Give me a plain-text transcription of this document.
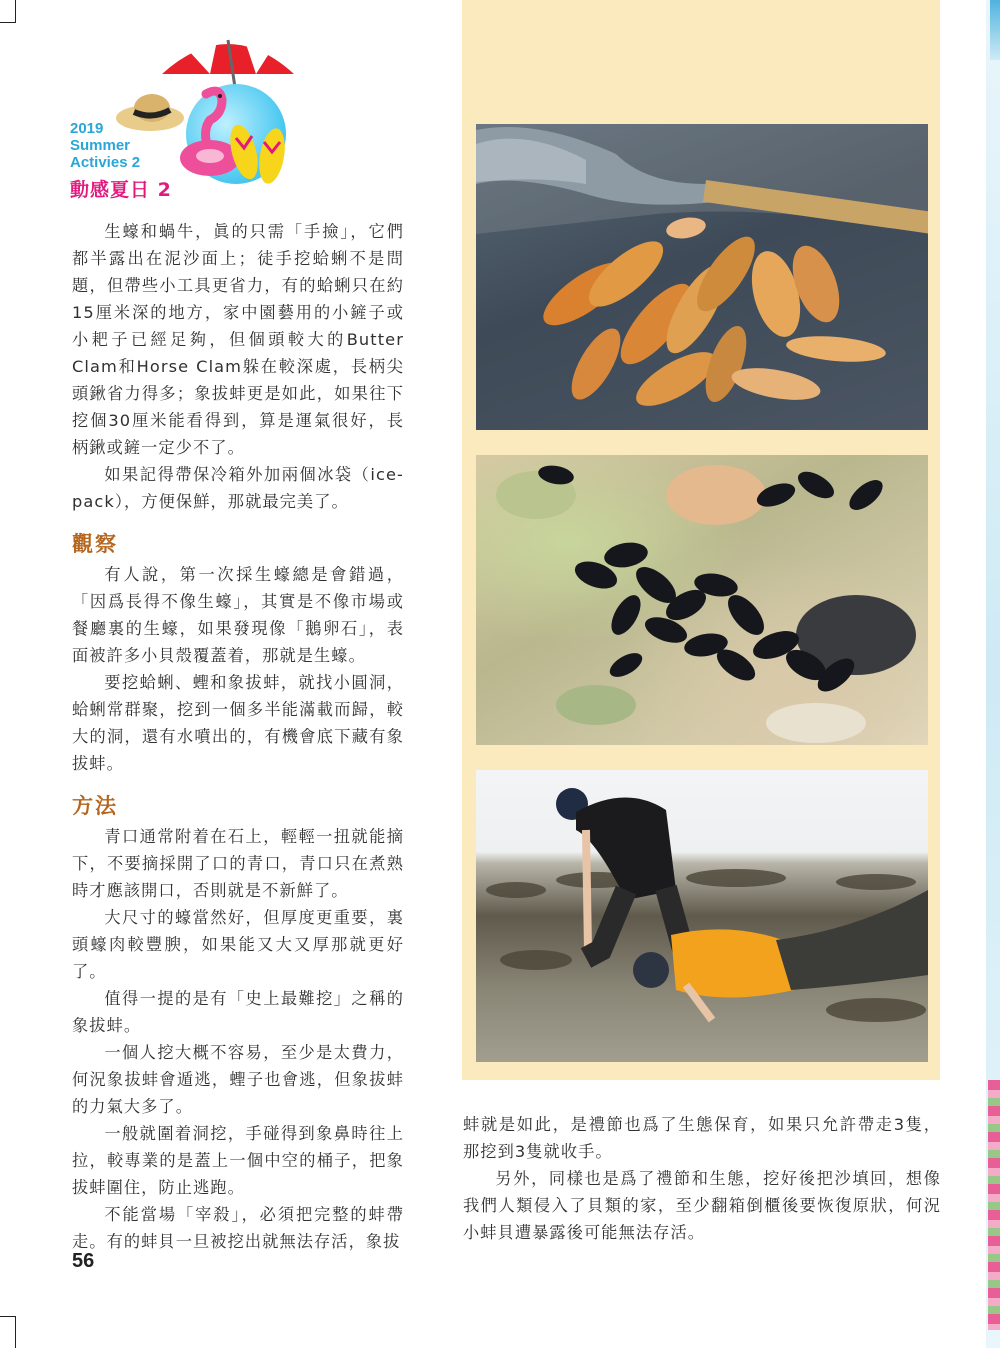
2019
Summer
Activies 2
動感夏日 2

生蠔和蝸牛，眞的只需「手撿」，它們都半露出在泥沙面上；徒手挖蛤蜊不是問題，但帶些小工具更省力，有的蛤蜊只在約15厘米深的地方，家中園藝用的小鏟子或小耙子已經足夠，但個頭較大的Butter Clam和Horse Clam躲在較深處，長柄尖頭鍬省力得多；象拔蚌更是如此，如果往下挖個30厘米能看得到，算是運氣很好，長柄鍬或鏟一定少不了。

如果記得帶保冷箱外加兩個冰袋（ice-pack），方便保鮮，那就最完美了。

觀察

有人說，第一次採生蠔總是會錯過，「因爲長得不像生蠔」，其實是不像市場或餐廳裏的生蠔，如果發現像「鵝卵石」，表面被許多小貝殼覆蓋着，那就是生蠔。

要挖蛤蜊、蟶和象拔蚌，就找小圓洞，蛤蜊常群聚，挖到一個多半能滿載而歸，較大的洞，還有水噴出的，有機會底下藏有象拔蚌。

方法

青口通常附着在石上，輕輕一扭就能摘下，不要摘採開了口的青口，青口只在煮熟時才應該開口，否則就是不新鮮了。

大尺寸的蠔當然好，但厚度更重要，裏頭蠔肉較豐腴，如果能又大又厚那就更好了。

值得一提的是有「史上最難挖」之稱的象拔蚌。

一個人挖大概不容易，至少是太費力，何況象拔蚌會遁逃，蟶子也會逃，但象拔蚌的力氣大多了。

一般就圍着洞挖，手碰得到象鼻時往上拉，較專業的是蓋上一個中空的桶子，把象拔蚌圍住，防止逃跑。

不能當場「宰殺」，必須把完整的蚌帶走。有的蚌貝一旦被挖出就無法存活，象拔

蚌就是如此，是禮節也爲了生態保育，如果只允許帶走3隻，那挖到3隻就收手。

另外，同樣也是爲了禮節和生態，挖好後把沙填回，想像我們人類侵入了貝類的家，至少翻箱倒櫃後要恢復原狀，何況小蚌貝遭暴露後可能無法存活。

56
